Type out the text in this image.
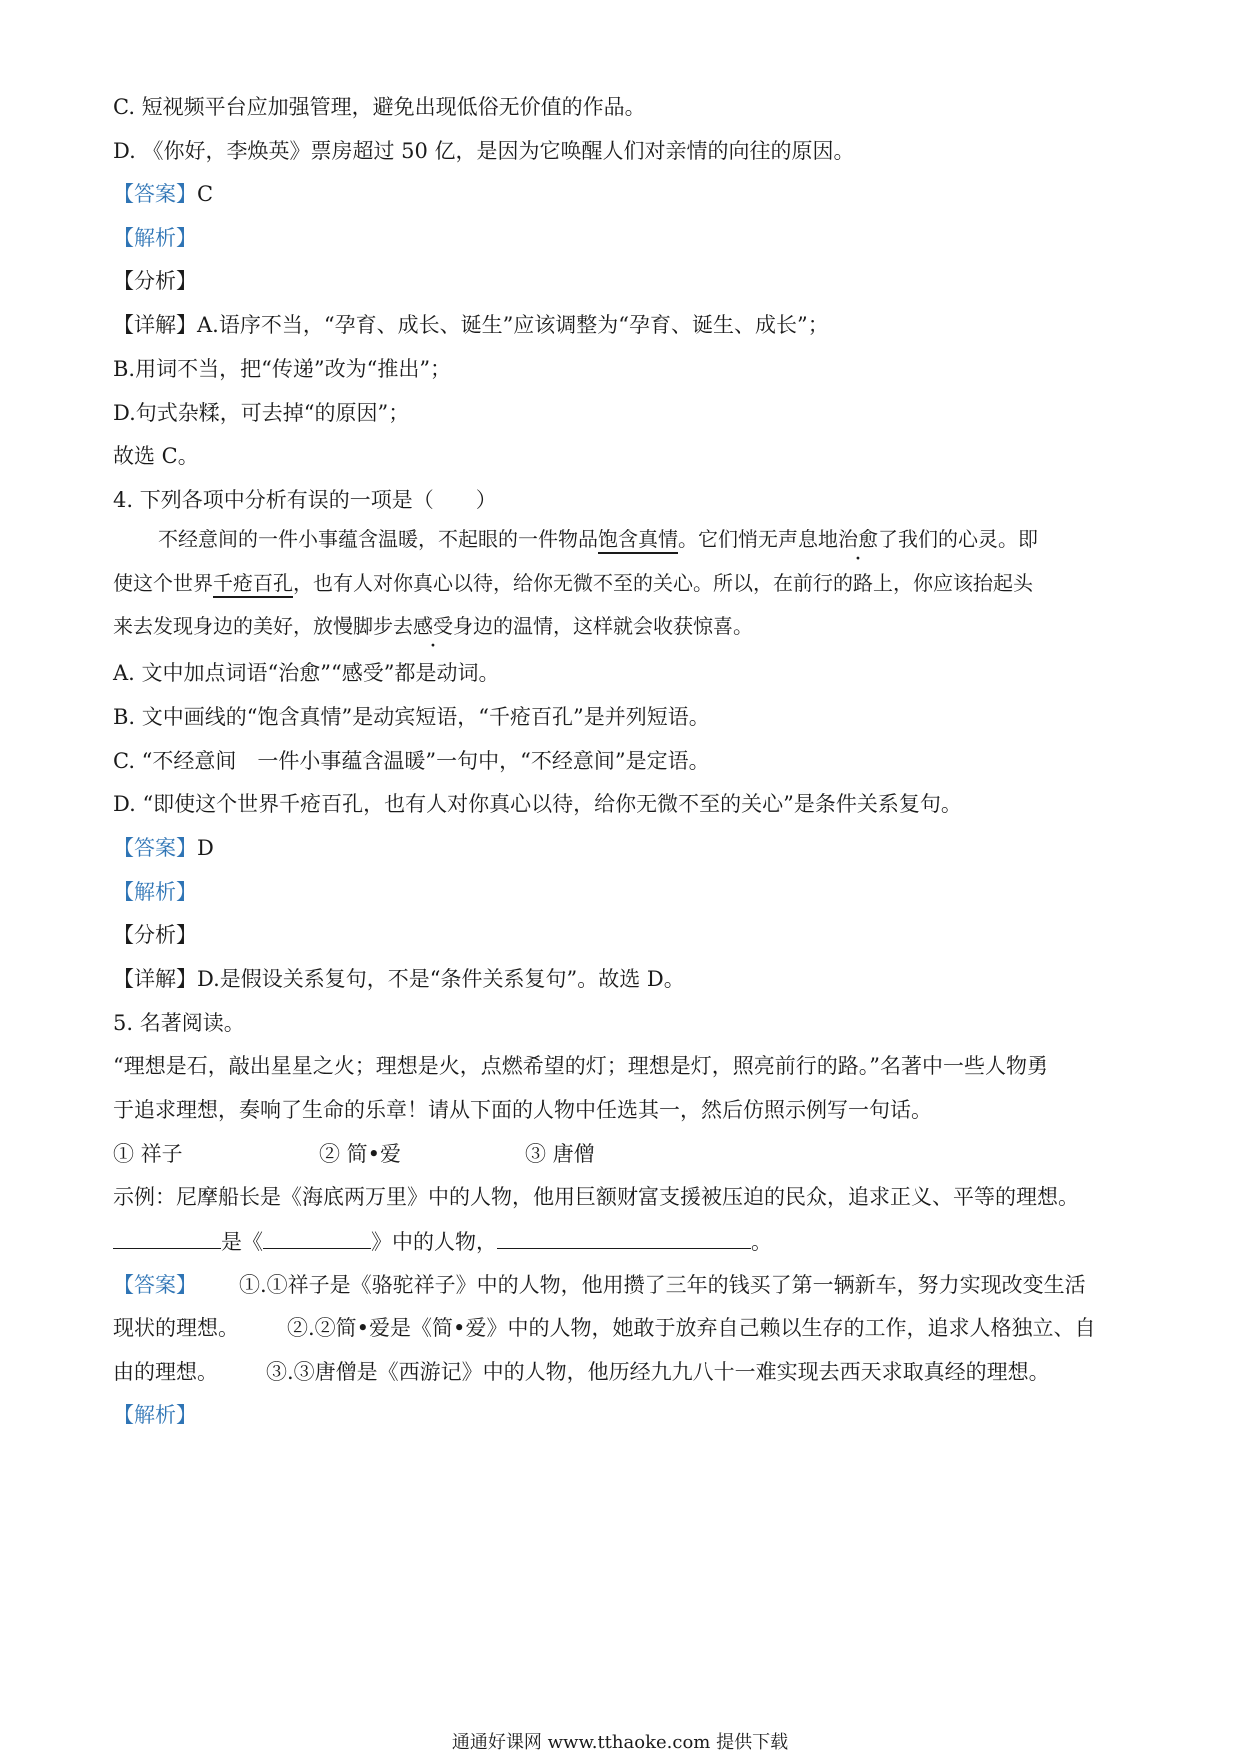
C. 短视频平台应加强管理，避免出现低俗无价值的作品。
D. 《你好，李焕英》票房超过 50 亿，是因为它唤醒人们对亲情的向往的原因。
【答案】C
【解析】
【分析】
【详解】A.语序不当，“孕育、成长、诞生”应该调整为“孕育、诞生、成长”；
B.用词不当，把“传递”改为“推出”；
D.句式杂糅，可去掉“的原因”；
故选 C。
4. 下列各项中分析有误的一项是（　　）
不经意间的一件小事蕴含温暖，不起眼的一件物品饱含真情。它们悄无声息地治愈了我们的心灵。即
使这个世界千疮百孔，也有人对你真心以待，给你无微不至的关心。所以，在前行的路上，你应该抬起头
来去发现身边的美好，放慢脚步去感受身边的温情，这样就会收获惊喜。
A. 文中加点词语“治愈”“感受”都是动词。
B. 文中画线的“饱含真情”是动宾短语，“千疮百孔”是并列短语。
C. “不经意间　一件小事蕴含温暖”一句中，“不经意间”是定语。
D. “即使这个世界千疮百孔，也有人对你真心以待，给你无微不至的关心”是条件关系复句。
【答案】D
【解析】
【分析】
【详解】D.是假设关系复句，不是“条件关系复句”。故选 D。
5. 名著阅读。
“理想是石，敲出星星之火；理想是火，点燃希望的灯；理想是灯，照亮前行的路。”名著中一些人物勇
于追求理想，奏响了生命的乐章！请从下面的人物中任选其一，然后仿照示例写一句话。
① 祥子	② 简•爱	③ 唐僧
示例：尼摩船长是《海底两万里》中的人物，他用巨额财富支援被压迫的民众，追求正义、平等的理想。
是《	》中的人物，	。
【答案】 ①.①祥子是《骆驼祥子》中的人物，他用攒了三年的钱买了第一辆新车，努力实现改变生活
现状的理想。 ②.②简•爱是《简•爱》中的人物，她敢于放弃自己赖以生存的工作，追求人格独立、自
由的理想。 ③.③唐僧是《西游记》中的人物，他历经九九八十一难实现去西天求取真经的理想。
【解析】
通通好课网 www.tthaoke.com 提供下载
